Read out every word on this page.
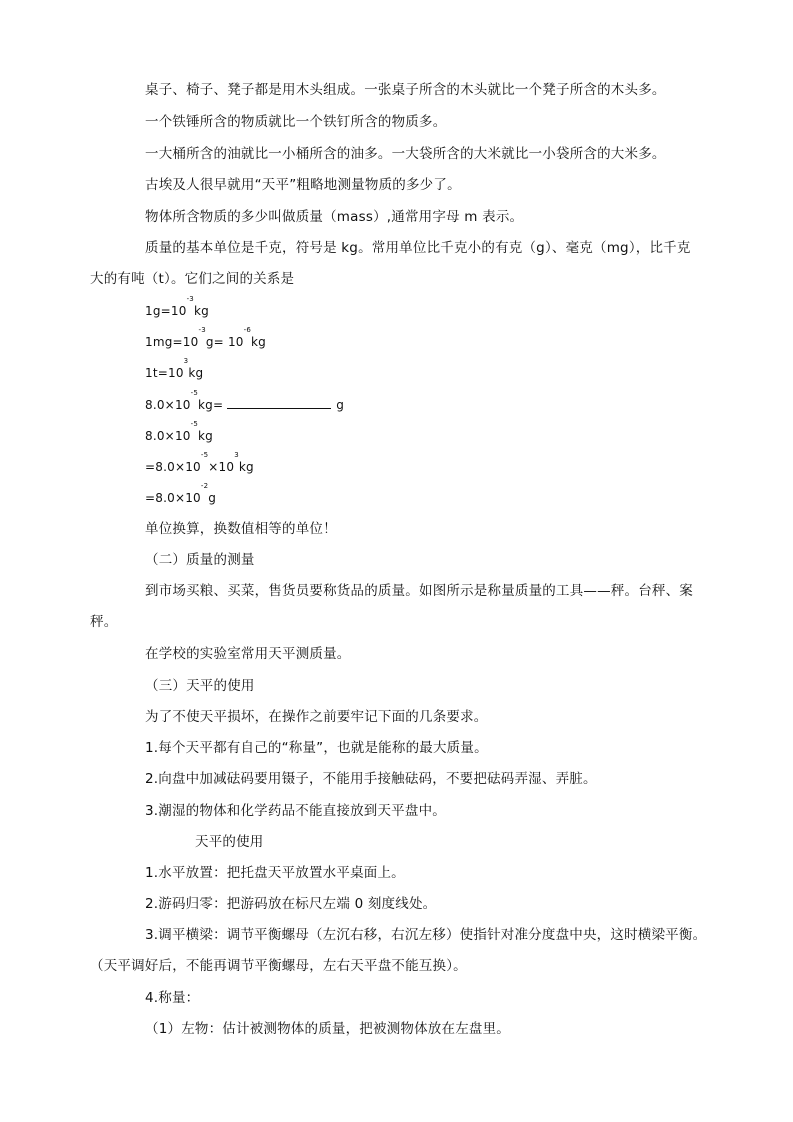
桌子、椅子、凳子都是用木头组成。一张桌子所含的木头就比一个凳子所含的木头多。
一个铁锤所含的物质就比一个铁钉所含的物质多。
一大桶所含的油就比一小桶所含的油多。一大袋所含的大米就比一小袋所含的大米多。
古埃及人很早就用“天平”粗略地测量物质的多少了。
物体所含物质的多少叫做质量（mass）,通常用字母 m 表示。
质量的基本单位是千克，符号是 kg。常用单位比千克小的有克（g）、毫克（mg），比千克
大的有吨（t）。它们之间的关系是
$1g=10^{-3}kg$
$1mg=10^{-3}g= 10^{-6}kg$
$1t=10^3kg$
$8.0\times 10^{-5}kg=$	g
$8.0\times 10^{-5}kg$
$=8.0\times 10^{-5}\times 10^3kg$
$=8.0\times 10^{-2}g$
单位换算，换数值相等的单位！
（二）质量的测量
到市场买粮、买菜，售货员要称货品的质量。如图所示是称量质量的工具——秤。台秤、案
秤。
在学校的实验室常用天平测质量。
（三）天平的使用
为了不使天平损坏，在操作之前要牢记下面的几条要求。
1.每个天平都有自己的“称量”，也就是能称的最大质量。
2.向盘中加减砝码要用镊子，不能用手接触砝码，不要把砝码弄湿、弄脏。
3.潮湿的物体和化学药品不能直接放到天平盘中。
天平的使用
1.水平放置：把托盘天平放置水平桌面上。
2.游码归零：把游码放在标尺左端 0 刻度线处。
3.调平横梁：调节平衡螺母（左沉右移，右沉左移）使指针对准分度盘中央，这时横梁平衡。
（天平调好后，不能再调节平衡螺母，左右天平盘不能互换）。
4.称量：
（1）左物：估计被测物体的质量，把被测物体放在左盘里。
